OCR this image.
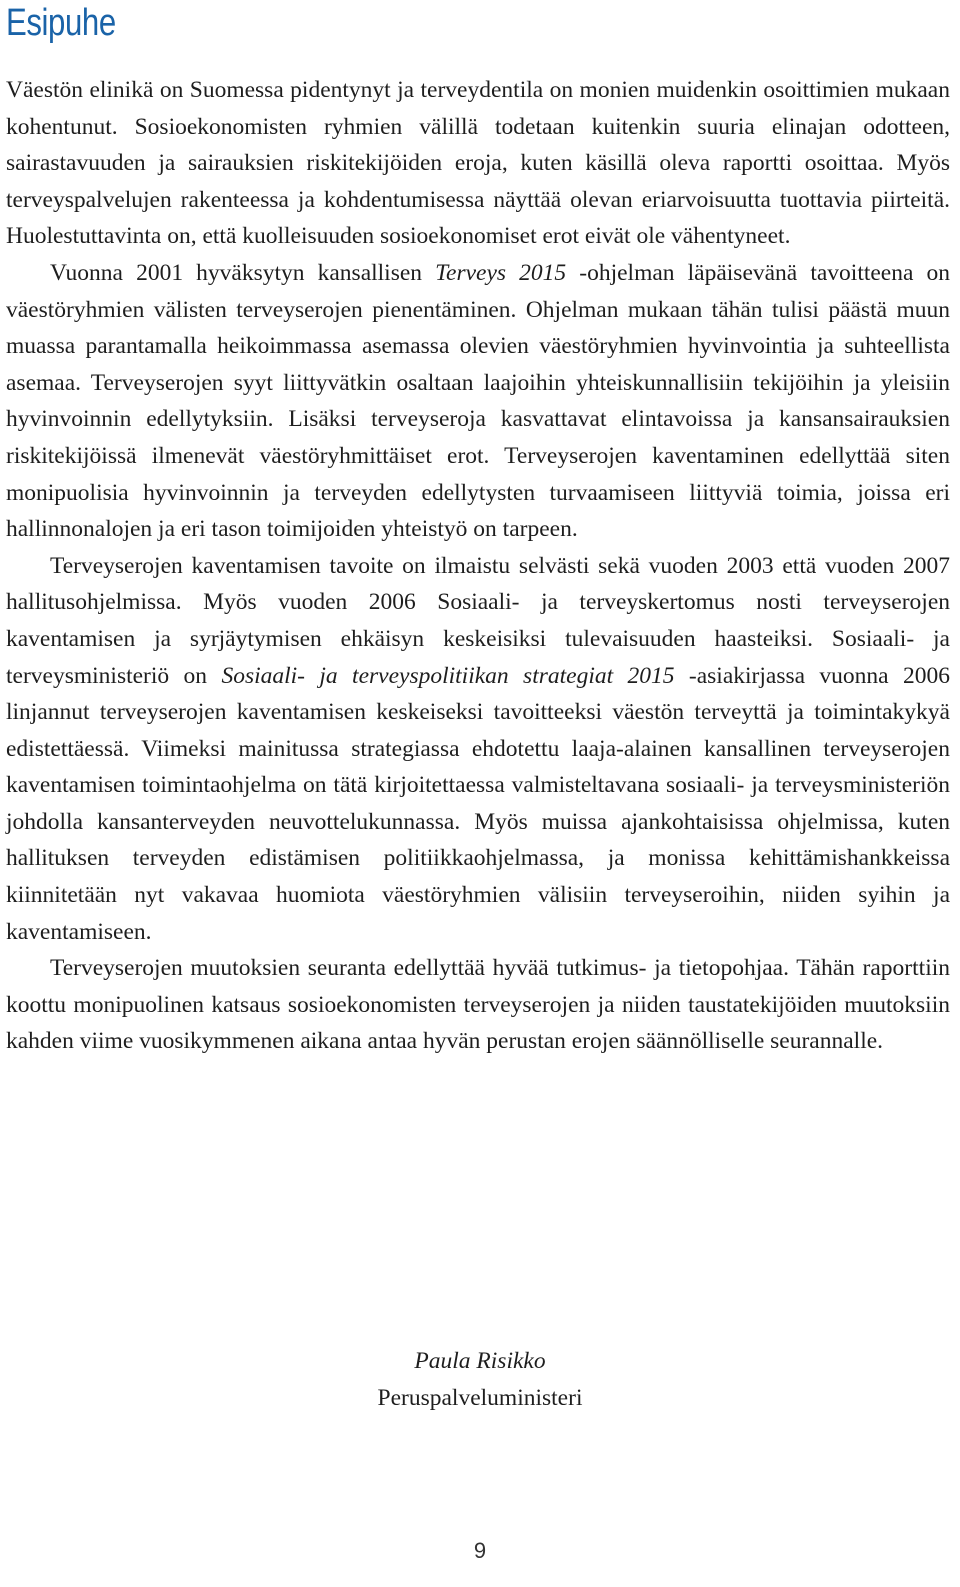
Esipuhe

Väestön elinikä on Suomessa pidentynyt ja terveydentila on monien muidenkin osoittimien mukaan kohentunut. Sosioekonomisten ryhmien välillä todetaan kuitenkin suuria elinajan odotteen, sairastavuuden ja sairauksien riskitekijöiden eroja, kuten käsillä oleva raportti osoittaa. Myös terveyspalvelujen rakenteessa ja kohdentumisessa näyttää olevan eriarvoisuutta tuottavia piirteitä. Huolestuttavinta on, että kuolleisuuden sosioekonomiset erot eivät ole vähentyneet.

Vuonna 2001 hyväksytyn kansallisen Terveys 2015 -ohjelman läpäisevänä tavoitteena on väestöryhmien välisten terveyserojen pienentäminen. Ohjelman mukaan tähän tulisi päästä muun muassa parantamalla heikoimmassa asemassa olevien väestöryhmien hyvinvointia ja suhteellista asemaa. Terveyserojen syyt liittyvätkin osaltaan laajoihin yhteiskunnallisiin tekijöihin ja yleisiin hyvinvoinnin edellytyksiin. Lisäksi terveyseroja kasvattavat elintavoissa ja kansansairauksien riskitekijöissä ilmenevät väestöryhmittäiset erot. Terveyserojen kaventaminen edellyttää siten monipuolisia hyvinvoinnin ja terveyden edellytysten turvaamiseen liittyviä toimia, joissa eri hallinnonalojen ja eri tason toimijoiden yhteistyö on tarpeen.

Terveyserojen kaventamisen tavoite on ilmaistu selvästi sekä vuoden 2003 että vuoden 2007 hallitusohjelmissa. Myös vuoden 2006 Sosiaali- ja terveyskertomus nosti terveyserojen kaventamisen ja syrjäytymisen ehkäisyn keskeisiksi tulevaisuuden haasteiksi. Sosiaali- ja terveysministeriö on Sosiaali- ja terveyspolitiikan strategiat 2015 -asiakirjassa vuonna 2006 linjannut terveyserojen kaventamisen keskeiseksi tavoitteeksi väestön terveyttä ja toimintakykyä edistettäessä. Viimeksi mainitussa strategiassa ehdotettu laaja-alainen kansallinen terveyserojen kaventamisen toimintaohjelma on tätä kirjoitettaessa valmisteltavana sosiaali- ja terveysministeriön johdolla kansanterveyden neuvottelukunnassa. Myös muissa ajankohtaisissa ohjelmissa, kuten hallituksen terveyden edistämisen politiikkaohjelmassa, ja monissa kehittämishankkeissa kiinnitetään nyt vakavaa huomiota väestöryhmien välisiin terveyseroihin, niiden syihin ja kaventamiseen.

Terveyserojen muutoksien seuranta edellyttää hyvää tutkimus- ja tietopohjaa. Tähän raporttiin koottu monipuolinen katsaus sosioekonomisten terveyserojen ja niiden taustatekijöiden muutoksiin kahden viime vuosikymmenen aikana antaa hyvän perustan erojen säännölliselle seurannalle.

Paula Risikko
Peruspalveluministeri
9
